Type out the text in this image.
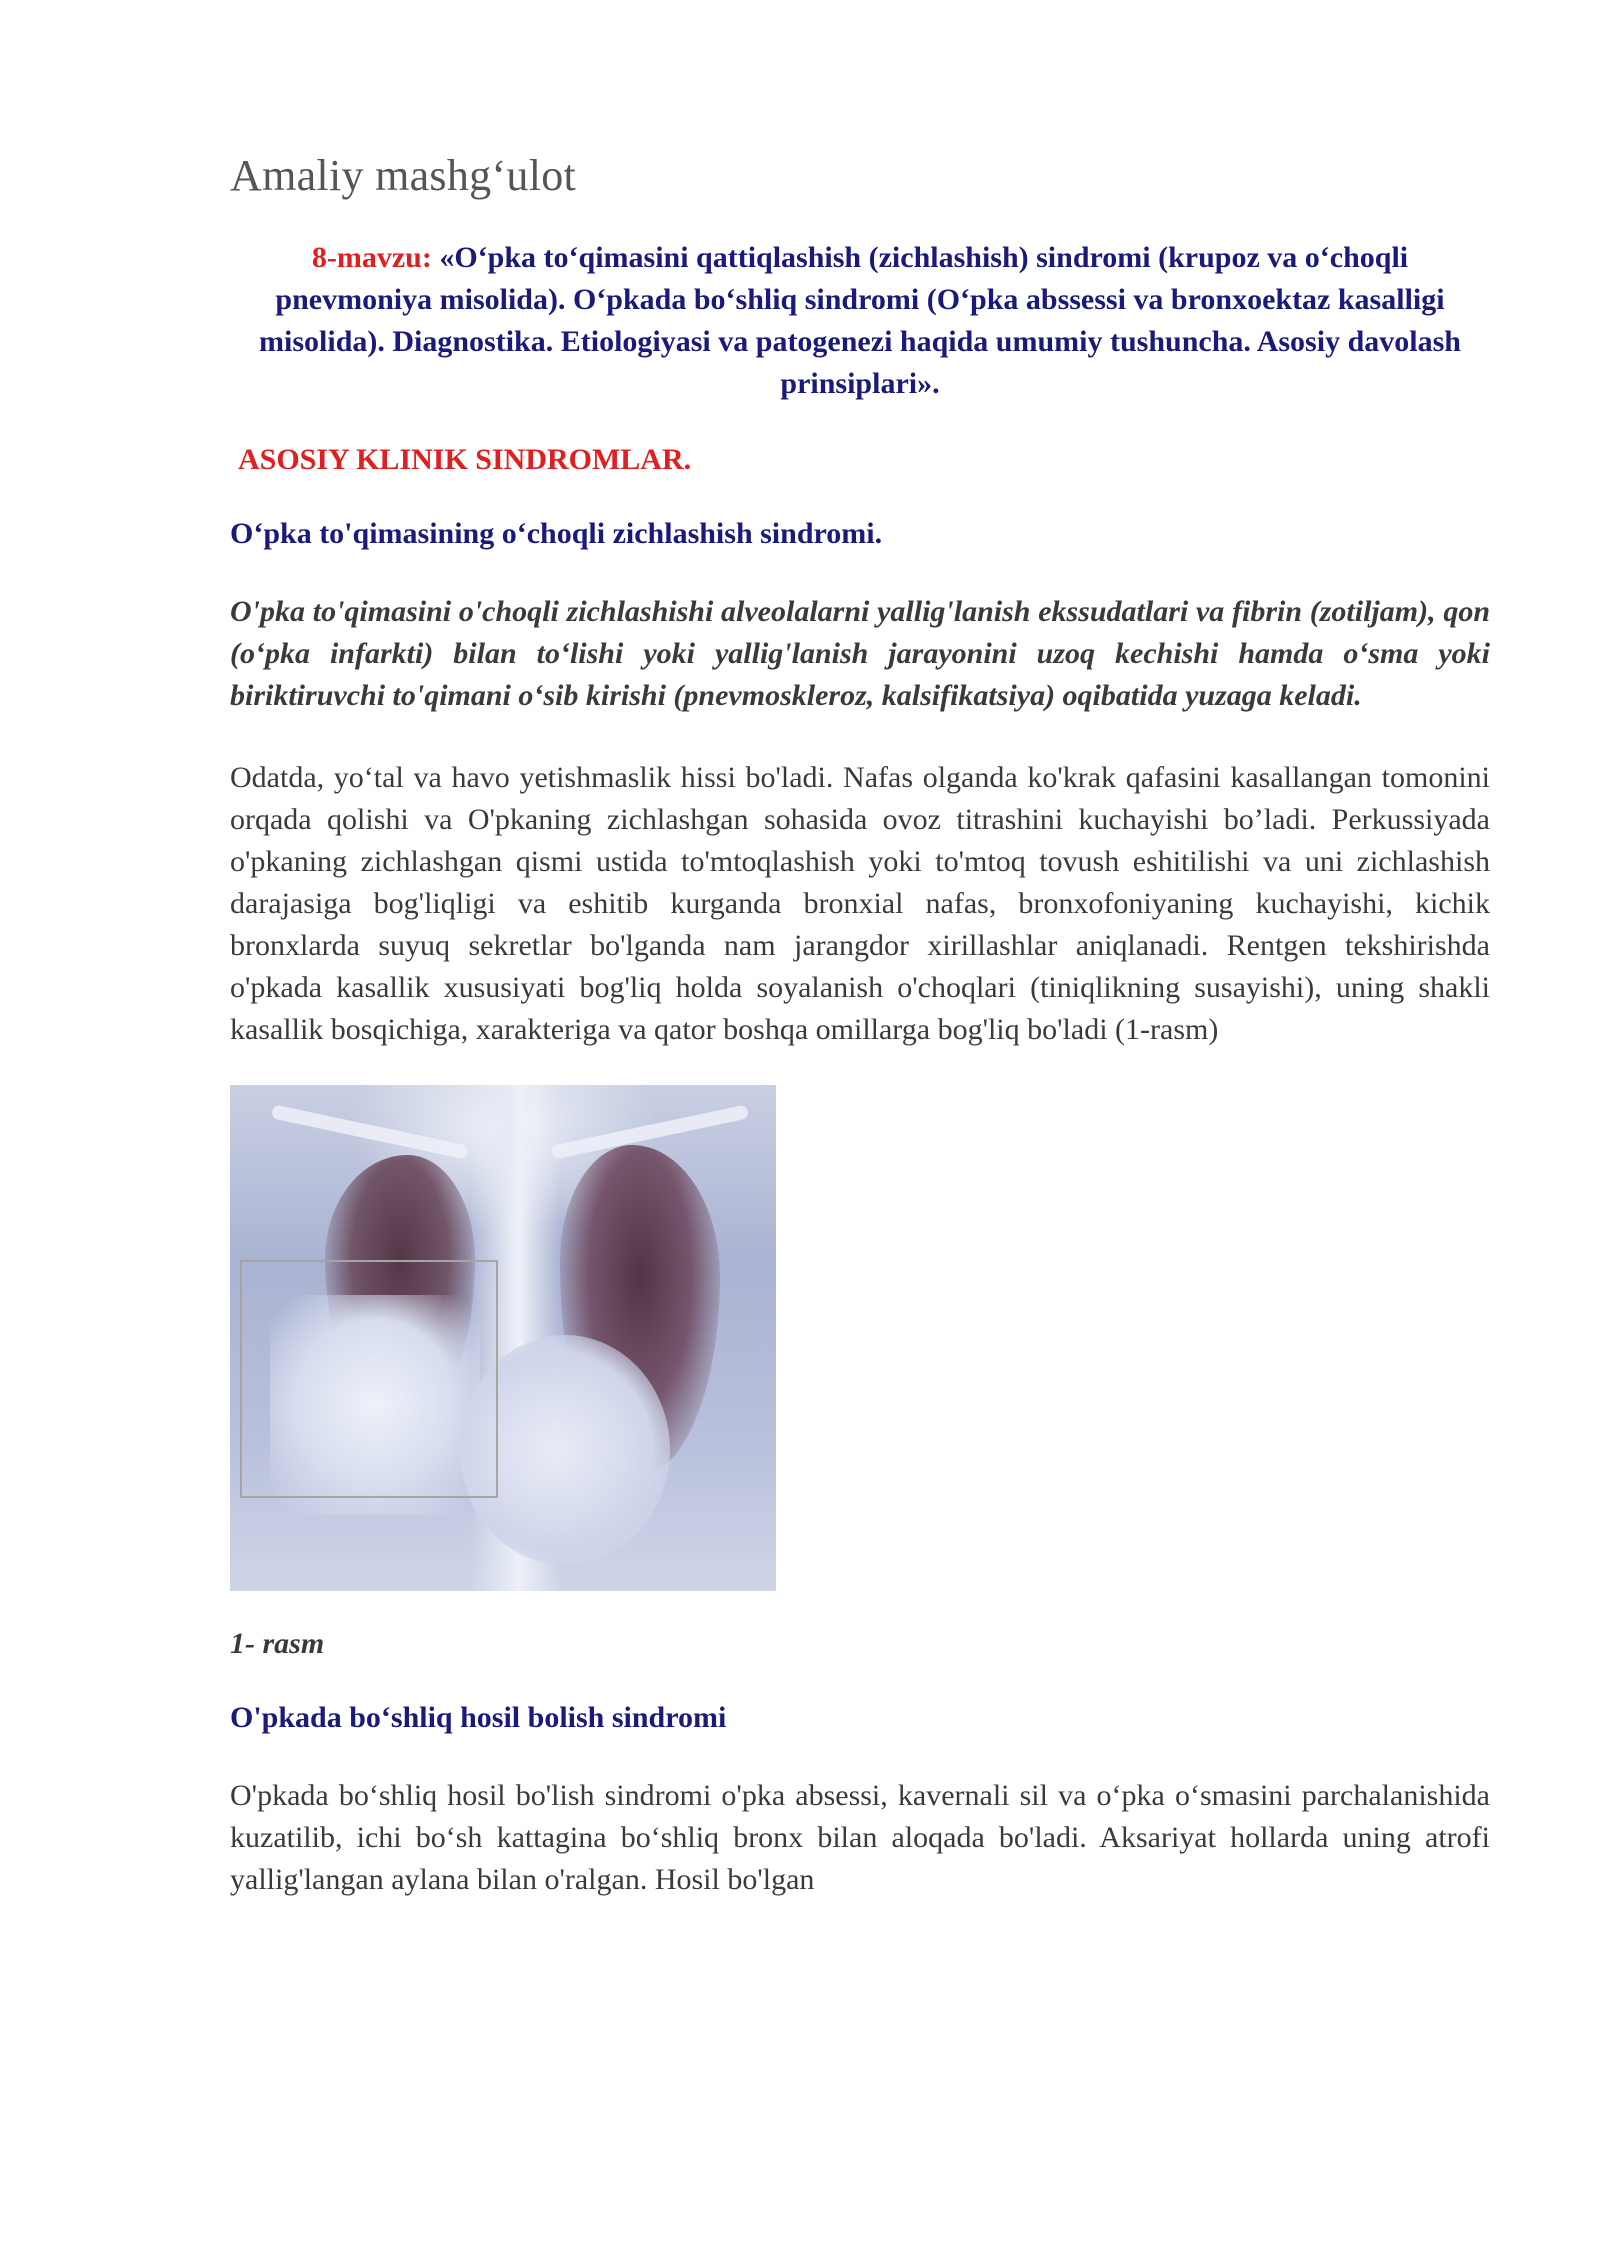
Amaliy mashg‘ulot
8-mavzu: «O‘pka to‘qimasini qattiqlashish (zichlashish) sindromi (krupoz va o‘choqli pnevmoniya misolida). O‘pkada bo‘shliq sindromi (O‘pka abssessi va bronxoektaz kasalligi misolida). Diagnostika. Etiologiyasi va patogenezi haqida umumiy tushuncha. Asosiy davolash prinsiplari».
ASOSIY KLINIK SINDROMLAR.
O‘pka to'qimasining o‘choqli zichlashish sindromi.

O'pka to'qimasini o'choqli zichlashishi alveolalarni yallig'lanish ekssudatlari va fibrin (zotiljam), qon (o‘pka infarkti) bilan to‘lishi yoki yallig'lanish jarayonini uzoq kechishi hamda o‘sma yoki biriktiruvchi to'qimani o‘sib kirishi (pnevmoskleroz, kalsifikatsiya) oqibatida yuzaga keladi.

Odatda, yo‘tal va havo yetishmaslik hissi bo'ladi. Nafas olganda ko'krak qafasini kasallangan tomonini orqada qolishi va O'pkaning zichlashgan sohasida ovoz titrashini kuchayishi bo’ladi. Perkussiyada o'pkaning zichlashgan qismi ustida to'mtoqlashish yoki to'mtoq tovush eshitilishi va uni zichlashish darajasiga bog'liqligi va eshitib kurganda bronxial nafas, bronxofoniyaning kuchayishi, kichik bronxlarda suyuq sekretlar bo'lganda nam jarangdor xirillashlar aniqlanadi. Rentgen tekshirishda o'pkada kasallik xususiyati bog'liq holda soyalanish o'choqlari (tiniqlikning susayishi), uning shakli kasallik bosqichiga, xarakteriga va qator boshqa omillarga bog'liq bo'ladi (1-rasm)

1- rasm
O'pkada bo‘shliq hosil bolish sindromi

O'pkada bo‘shliq hosil bo'lish sindromi o'pka absessi, kavernali sil va o‘pka o‘smasini parchalanishida kuzatilib, ichi bo‘sh kattagina bo‘shliq bronx bilan aloqada bo'ladi. Aksariyat hollarda uning atrofi yallig'langan aylana bilan o'ralgan. Hosil bo'lgan
